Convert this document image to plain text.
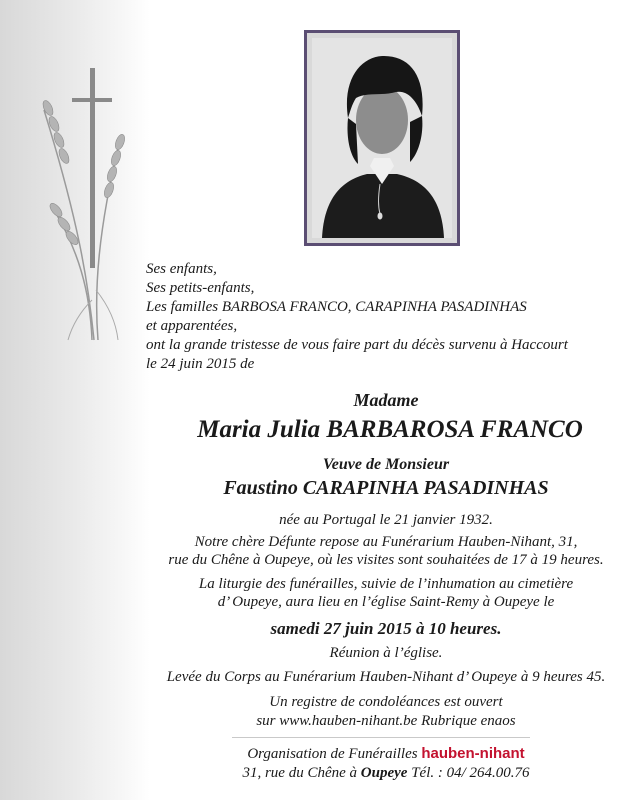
Ses enfants,
Ses petits-enfants,
Les familles BARBOSA FRANCO, CARAPINHA PASADINHAS
et apparentées,
ont la grande tristesse de vous faire part du décès survenu à Haccourt
le 24 juin 2015 de
Madame
Maria Julia BARBAROSA FRANCO
Veuve de Monsieur
Faustino CARAPINHA PASADINHAS
née au Portugal le 21 janvier 1932.
Notre chère Défunte repose au Funérarium Hauben-Nihant, 31,
rue du Chêne à Oupeye, où les visites sont souhaitées de 17 à 19 heures.
La liturgie des funérailles, suivie de l’inhumation au cimetière
d’ Oupeye, aura lieu en l’église Saint-Remy à Oupeye le
samedi 27 juin 2015 à 10 heures.
Réunion à l’église.
Levée du Corps au Funérarium Hauben-Nihant d’ Oupeye à 9 heures 45.
Un registre de condoléances est ouvert
sur www.hauben-nihant.be Rubrique enaos
Organisation de Funérailles hauben-nihant
31, rue du Chêne à Oupeye Tél. : 04/ 264.00.76
